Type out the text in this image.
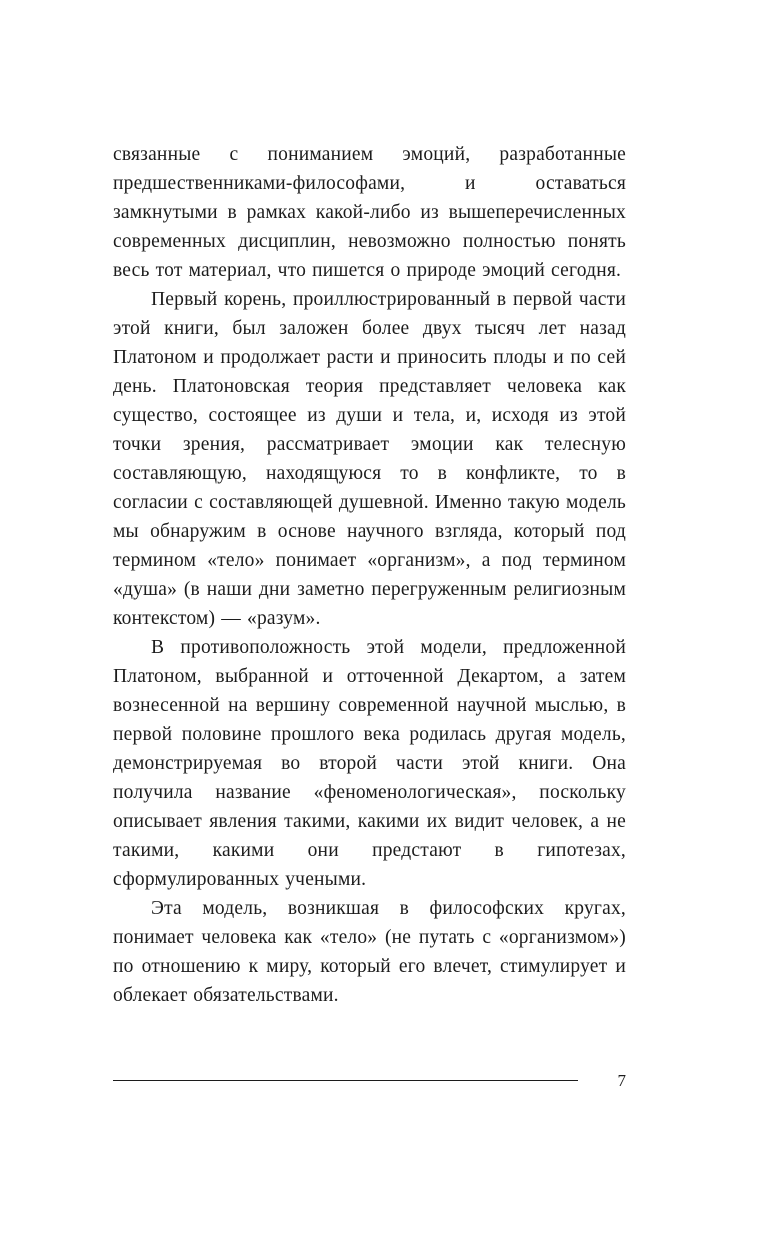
связанные с пониманием эмоций, разработанные предшественниками-философами, и оставаться замкнутыми в рамках какой-либо из вышеперечисленных современных дисциплин, невозможно полностью понять весь тот материал, что пишется о природе эмоций сегодня.

Первый корень, проиллюстрированный в первой части этой книги, был заложен более двух тысяч лет назад Платоном и продолжает расти и приносить плоды и по сей день. Платоновская теория представляет человека как существо, состоящее из души и тела, и, исходя из этой точки зрения, рассматривает эмоции как телесную составляющую, находящуюся то в конфликте, то в согласии с составляющей душевной. Именно такую модель мы обнаружим в основе научного взгляда, который под термином «тело» понимает «организм», а под термином «душа» (в наши дни заметно перегруженным религиозным контекстом) — «разум».

В противоположность этой модели, предложенной Платоном, выбранной и отточенной Декартом, а затем вознесенной на вершину современной научной мыслью, в первой половине прошлого века родилась другая модель, демонстрируемая во второй части этой книги. Она получила название «феноменологическая», поскольку описывает явления такими, какими их видит человек, а не такими, какими они предстают в гипотезах, сформулированных учеными.

Эта модель, возникшая в философских кругах, понимает человека как «тело» (не путать с «организмом») по отношению к миру, который его влечет, стимулирует и облекает обязательствами.

7
